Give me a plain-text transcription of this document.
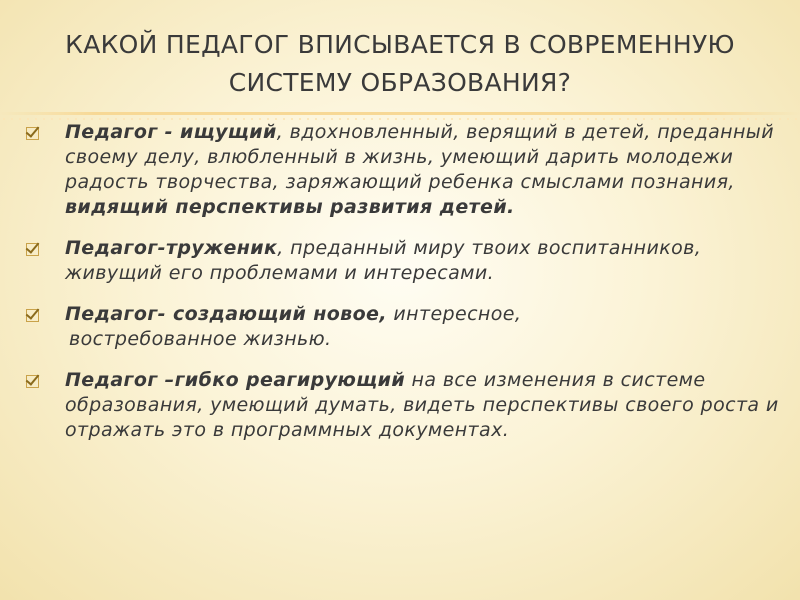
КАКОЙ ПЕДАГОГ ВПИСЫВАЕТСЯ В СОВРЕМЕННУЮ
СИСТЕМУ ОБРАЗОВАНИЯ?
Педагог - ищущий, вдохновленный, верящий в детей, преданный своему делу, влюбленный в жизнь, умеющий дарить молодежи радость творчества, заряжающий ребенка смыслами познания, видящий перспективы развития детей.
Педагог-труженик, преданный миру твоих воспитанников, живущий его проблемами и интересами.
Педагог- создающий новое, интересное,
востребованное жизнью.
Педагог –гибко реагирующий на все изменения в системе образования, умеющий думать, видеть перспективы своего роста и отражать это в программных документах.
